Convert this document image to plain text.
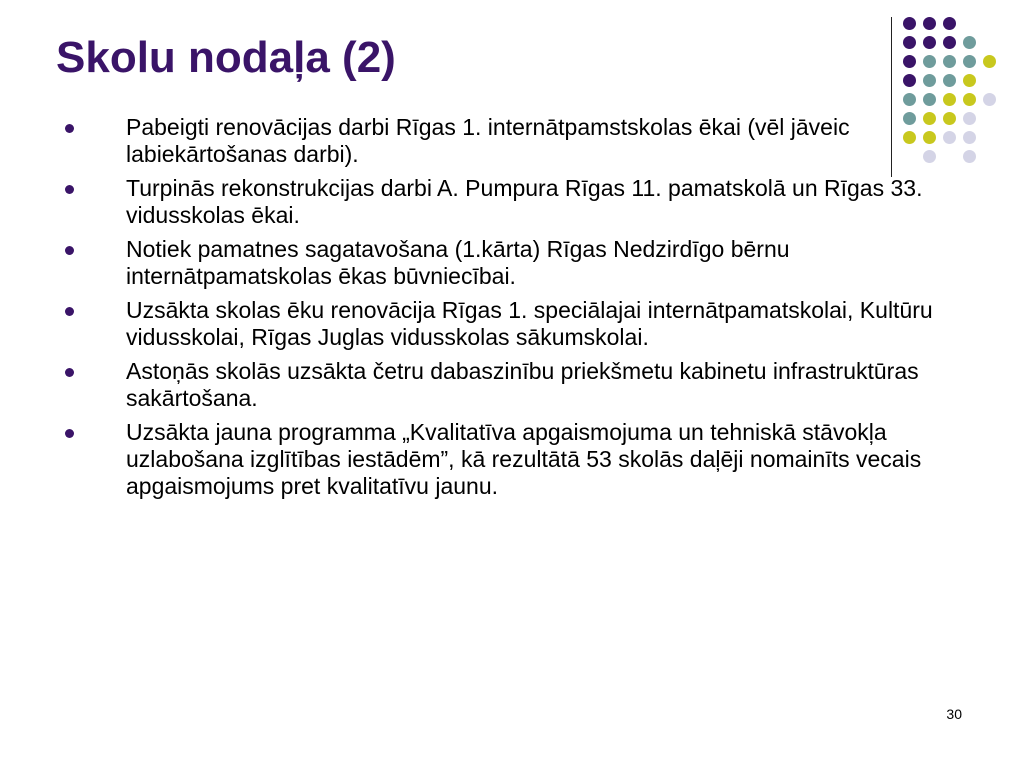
Skolu nodaļa (2)
Pabeigti renovācijas darbi Rīgas 1. internātpamstskolas ēkai (vēl jāveic labiekārtošanas darbi).
Turpinās rekonstrukcijas darbi A. Pumpura Rīgas 11. pamatskolā un Rīgas 33. vidusskolas ēkai.
Notiek pamatnes sagatavošana (1.kārta) Rīgas Nedzirdīgo bērnu internātpamatskolas ēkas būvniecībai.
Uzsākta skolas ēku renovācija Rīgas 1. speciālajai internātpamatskolai, Kultūru vidusskolai, Rīgas Juglas vidusskolas sākumskolai.
Astoņās skolās uzsākta četru dabaszinību priekšmetu kabinetu infrastruktūras sakārtošana.
Uzsākta jauna programma „Kvalitatīva apgaismojuma un tehniskā stāvokļa uzlabošana izglītības iestādēm”, kā rezultātā 53 skolās daļēji nomainīts vecais apgaismojums pret kvalitatīvu jaunu.
30
